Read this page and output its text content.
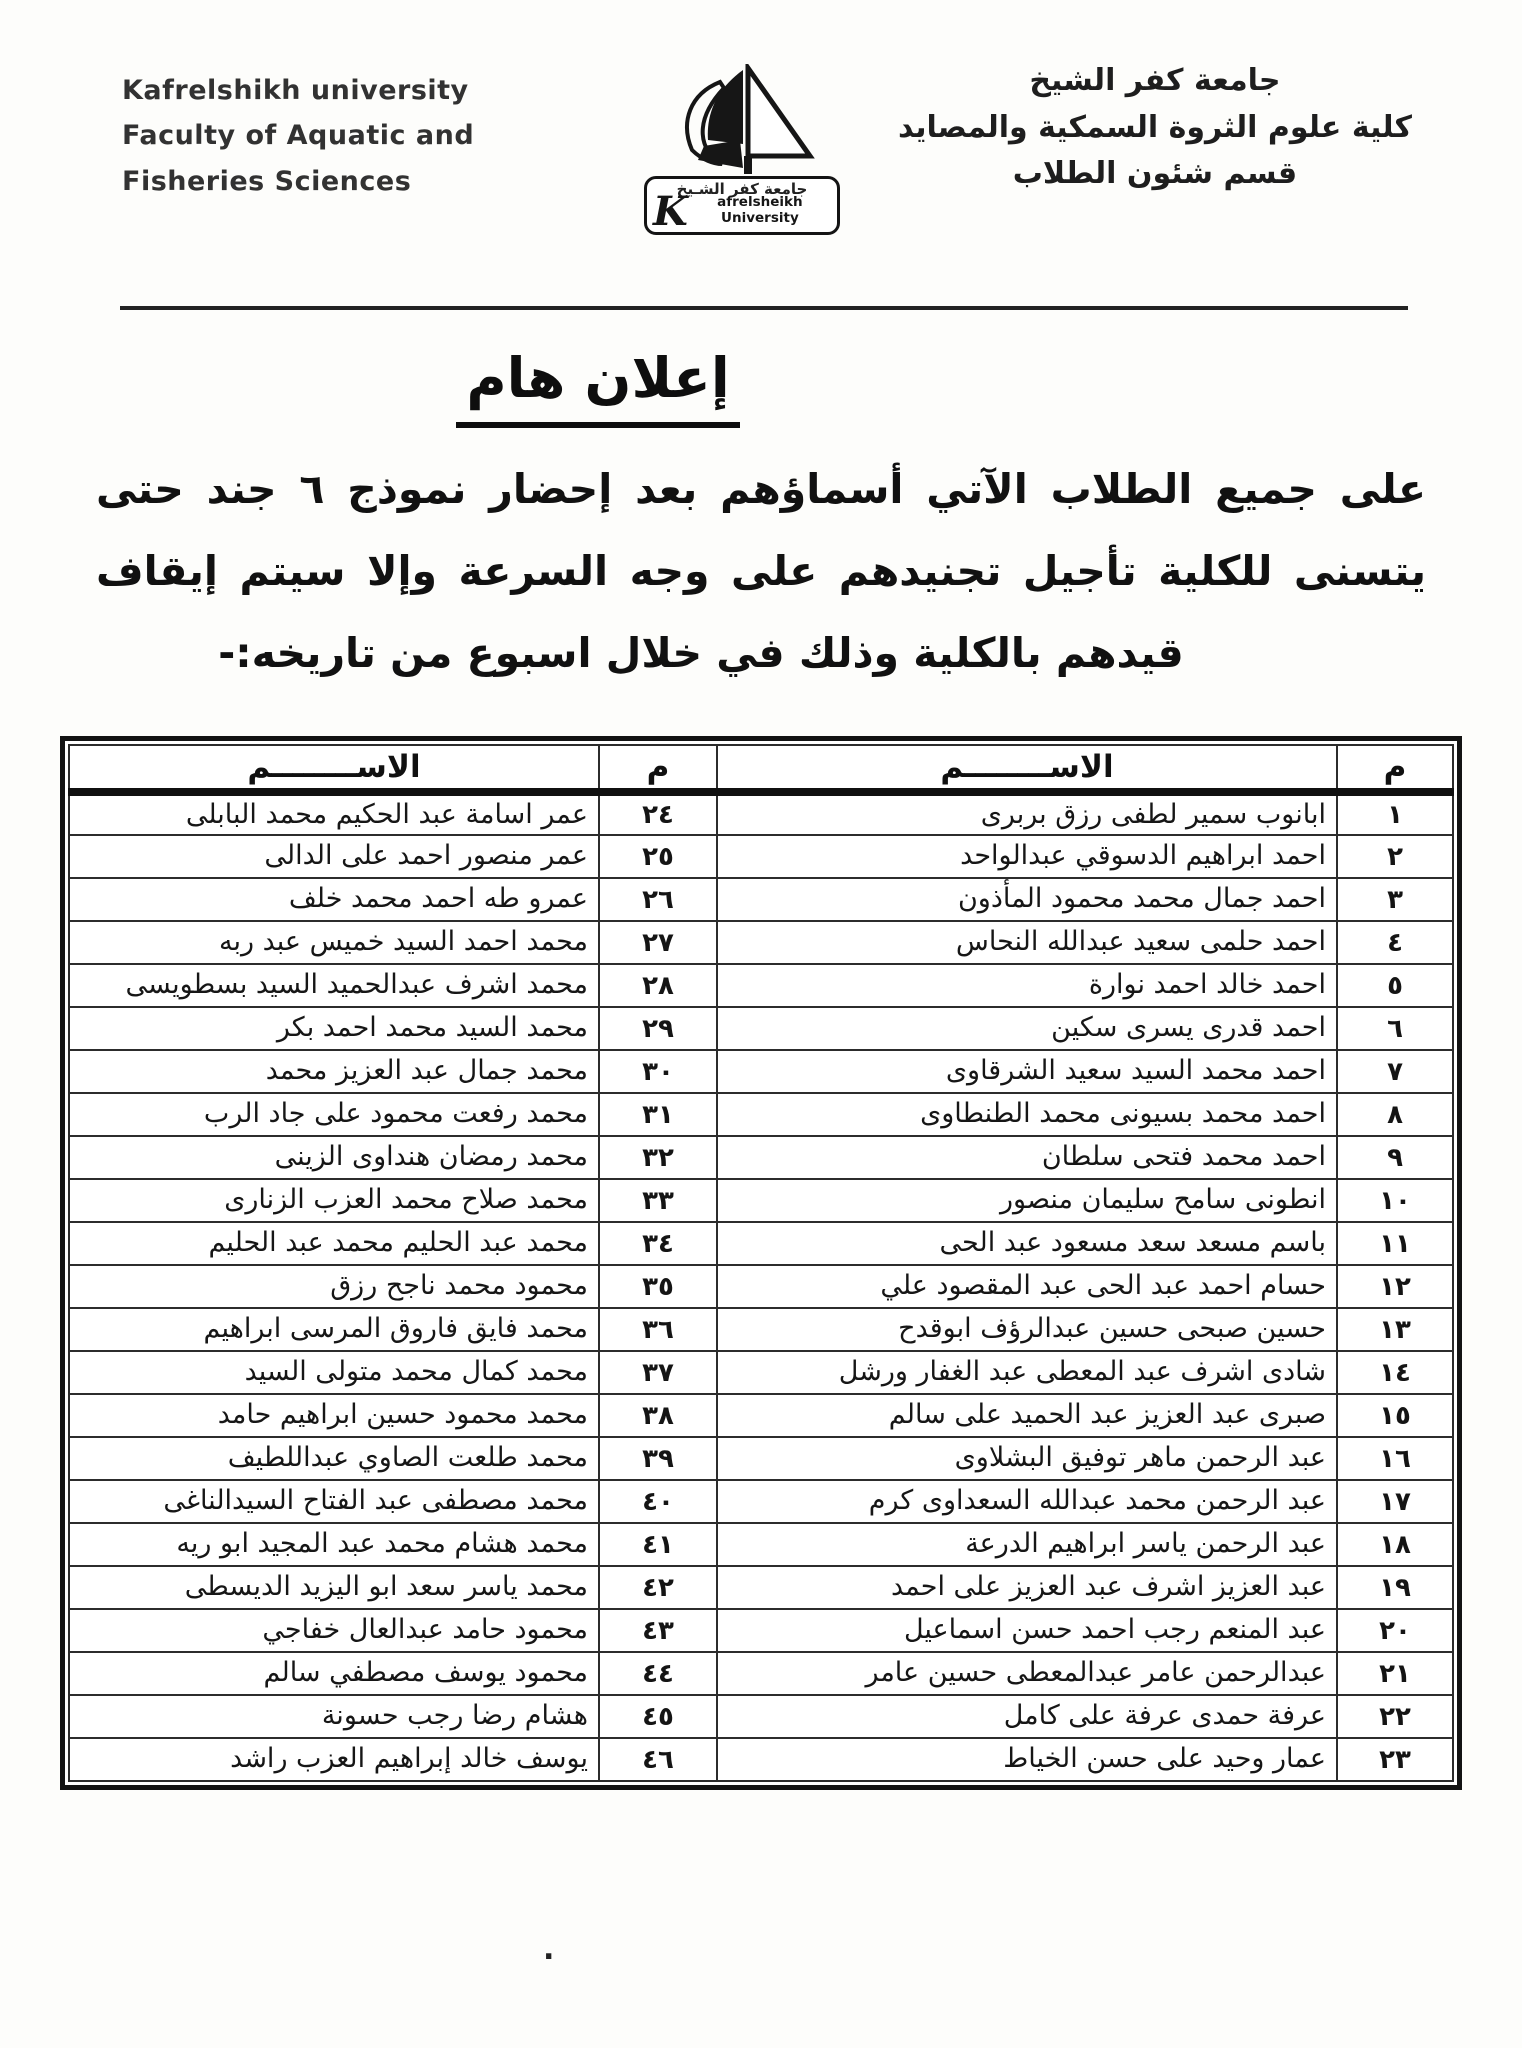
Kafrelshikh university
Faculty of Aquatic and
Fisheries Sciences	جامعة كفر الشـيخ
K	afrelsheikh University
جامعة كفر الشيخ
كلية علوم الثروة السمكية والمصايد
قسم شئون الطلاب
إعلان هام
على جميع الطلاب الآتي أسماؤهم بعد إحضار نموذج ٦ جند حتى
يتسنى للكلية تأجيل تجنيدهم على وجه السرعة وإلا سيتم إيقاف
قيدهم بالكلية وذلك في خلال اسبوع من تاريخه:-
م	الاســــــــم	م	الاســــــــم
١	ابانوب سمير لطفى رزق بربرى	٢٤	عمر اسامة عبد الحكيم محمد البابلى
٢	احمد ابراهيم الدسوقي عبدالواحد	٢٥	عمر منصور احمد على الدالى
٣	احمد جمال محمد محمود المأذون	٢٦	عمرو طه احمد محمد خلف
٤	احمد حلمى سعيد عبدالله النحاس	٢٧	محمد احمد السيد خميس عبد ربه
٥	احمد خالد احمد نوارة	٢٨	محمد اشرف عبدالحميد السيد بسطويسى
٦	احمد قدرى يسرى سكين	٢٩	محمد السيد محمد احمد بكر
٧	احمد محمد السيد سعيد الشرقاوى	٣٠	محمد جمال عبد العزيز محمد
٨	احمد محمد بسيونى محمد الطنطاوى	٣١	محمد رفعت محمود على جاد الرب
٩	احمد محمد فتحى سلطان	٣٢	محمد رمضان هنداوى الزينى
١٠	انطونى سامح سليمان منصور	٣٣	محمد صلاح محمد العزب الزنارى
١١	باسم مسعد سعد مسعود عبد الحى	٣٤	محمد عبد الحليم محمد عبد الحليم
١٢	حسام احمد عبد الحى عبد المقصود علي	٣٥	محمود محمد ناجح رزق
١٣	حسين صبحى حسين عبدالرؤف ابوقدح	٣٦	محمد فايق فاروق المرسى ابراهيم
١٤	شادى اشرف عبد المعطى عبد الغفار ورشل	٣٧	محمد كمال محمد متولى السيد
١٥	صبرى عبد العزيز عبد الحميد على سالم	٣٨	محمد محمود حسين ابراهيم حامد
١٦	عبد الرحمن ماهر توفيق البشلاوى	٣٩	محمد طلعت الصاوي عبداللطيف
١٧	عبد الرحمن محمد عبدالله السعداوى كرم	٤٠	محمد مصطفى عبد الفتاح السيدالناغى
١٨	عبد الرحمن ياسر ابراهيم الدرعة	٤١	محمد هشام محمد عبد المجيد ابو ريه
١٩	عبد العزيز اشرف عبد العزيز على احمد	٤٢	محمد ياسر سعد ابو اليزيد الديسطى
٢٠	عبد المنعم رجب احمد حسن اسماعيل	٤٣	محمود حامد عبدالعال خفاجي
٢١	عبدالرحمن عامر عبدالمعطى حسين عامر	٤٤	محمود يوسف مصطفي سالم
٢٢	عرفة حمدى عرفة على كامل	٤٥	هشام رضا رجب حسونة
٢٣	عمار وحيد على حسن الخياط	٤٦	يوسف خالد إبراهيم العزب راشد
.
